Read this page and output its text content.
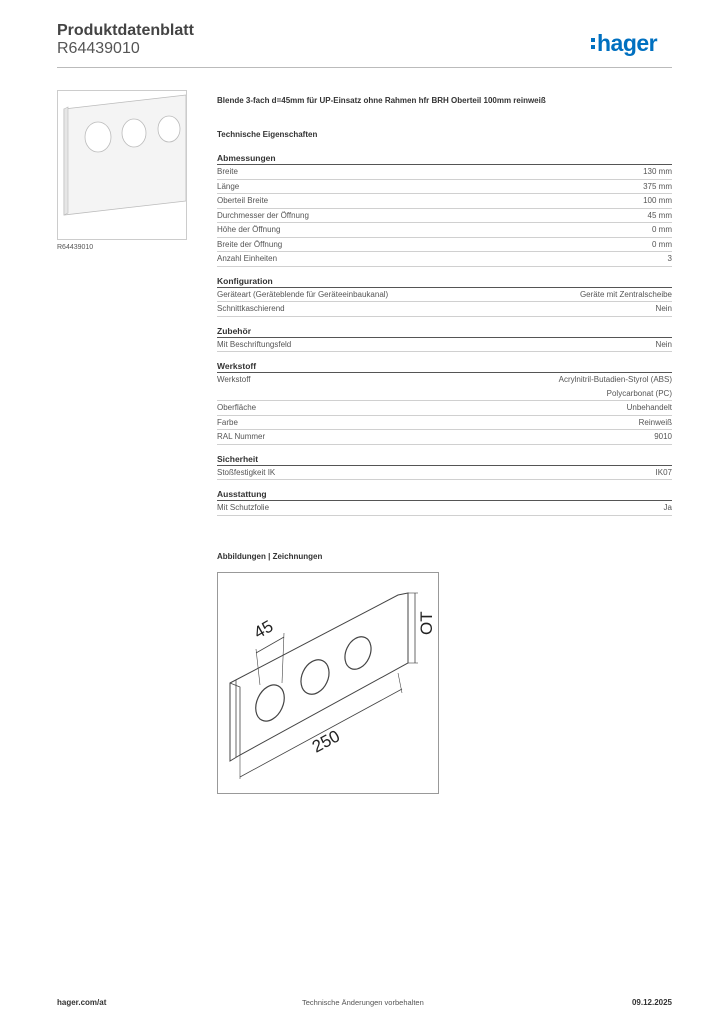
Produktdatenblatt
R64439010	hager
R64439010
Blende 3-fach d=45mm für UP-Einsatz ohne Rahmen hfr BRH Oberteil 100mm reinweiß
Technische Eigenschaften
Abmessungen
Breite	130 mm
Länge	375 mm
Oberteil Breite	100 mm
Durchmesser der Öffnung	45 mm
Höhe der Öffnung	0 mm
Breite der Öffnung	0 mm
Anzahl Einheiten	3
Konfiguration
Geräteart (Geräteblende für Geräteeinbaukanal)	Geräte mit Zentralscheibe
Schnittkaschierend	Nein
Zubehör
Mit Beschriftungsfeld	Nein
Werkstoff
Werkstoff	Acrylnitril-Butadien-Styrol (ABS)
Polycarbonat (PC)
Oberfläche	Unbehandelt
Farbe	Reinweiß
RAL Nummer	9010
Sicherheit
Stoßfestigkeit IK	IK07
Ausstattung
Mit Schutzfolie	Ja
Abbildungen | Zeichnungen
45	OT
250
hager.com/at	Technische Änderungen vorbehalten	09.12.2025
